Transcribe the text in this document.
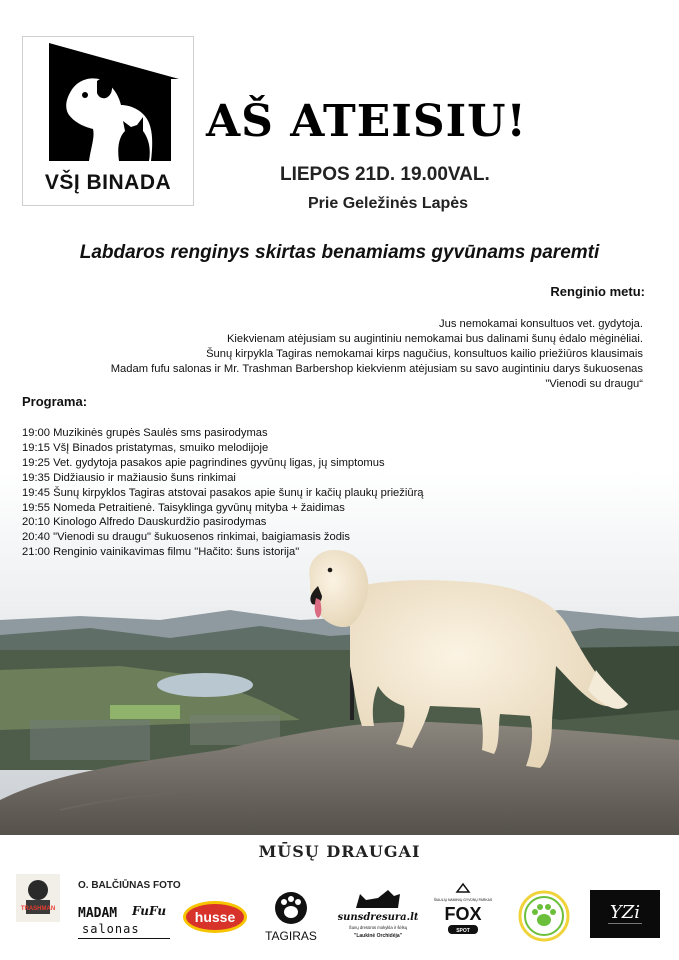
VŠĮ BINADA
AŠ ATEISIU!
LIEPOS 21D. 19.00VAL.
Prie Geležinės Lapės
Labdaros renginys skirtas benamiams gyvūnams paremti
Renginio metu:
Jus nemokamai konsultuos vet. gydytoja.
Kiekvienam atėjusiam su augintiniu nemokamai bus dalinami šunų ėdalo mėginėliai.
Šunų kirpykla Tagiras nemokamai kirps nagučius, konsultuos kailio priežiūros klausimais
Madam fufu salonas ir Mr. Trashman Barbershop kiekvienm atėjusiam su savo augintiniu darys šukuosenas
"Vienodi su draugu“
Programa:
19:00 Muzikinės grupės Saulės sms pasirodymas
19:15 VšĮ Binados pristatymas, smuiko melodijoje
19:25 Vet. gydytoja pasakos apie pagrindines gyvūnų ligas, jų simptomus
19:35 Didžiausio ir mažiausio šuns rinkimai
19:45 Šunų kirpyklos Tagiras atstovai pasakos apie šunų ir kačių plaukų priežiūrą
19:55 Nomeda Petraitienė. Taisyklinga gyvūnų mityba + žaidimas
20:10 Kinologo Alfredo Dauskurdžio pasirodymas
20:40 "Vienodi su draugu" šukuosenos rinkimai, baigiamasis žodis
21:00 Renginio vainikavimas filmu "Hačito: šuns istorija"
MŪSŲ DRAUGAI
TRASHMAN
O. BALČIŪNAS FOTO
MADAM FuFu
salonas
husse
TAGIRAS
sunsdresura.lt
Šunų dresūros mokykla ir šėlsų
"Laukinė Orchidėja"
ŠIAULIŲ NAMINIŲ GYVŪNŲ PARKAS
FOX
SPOT
YZi
